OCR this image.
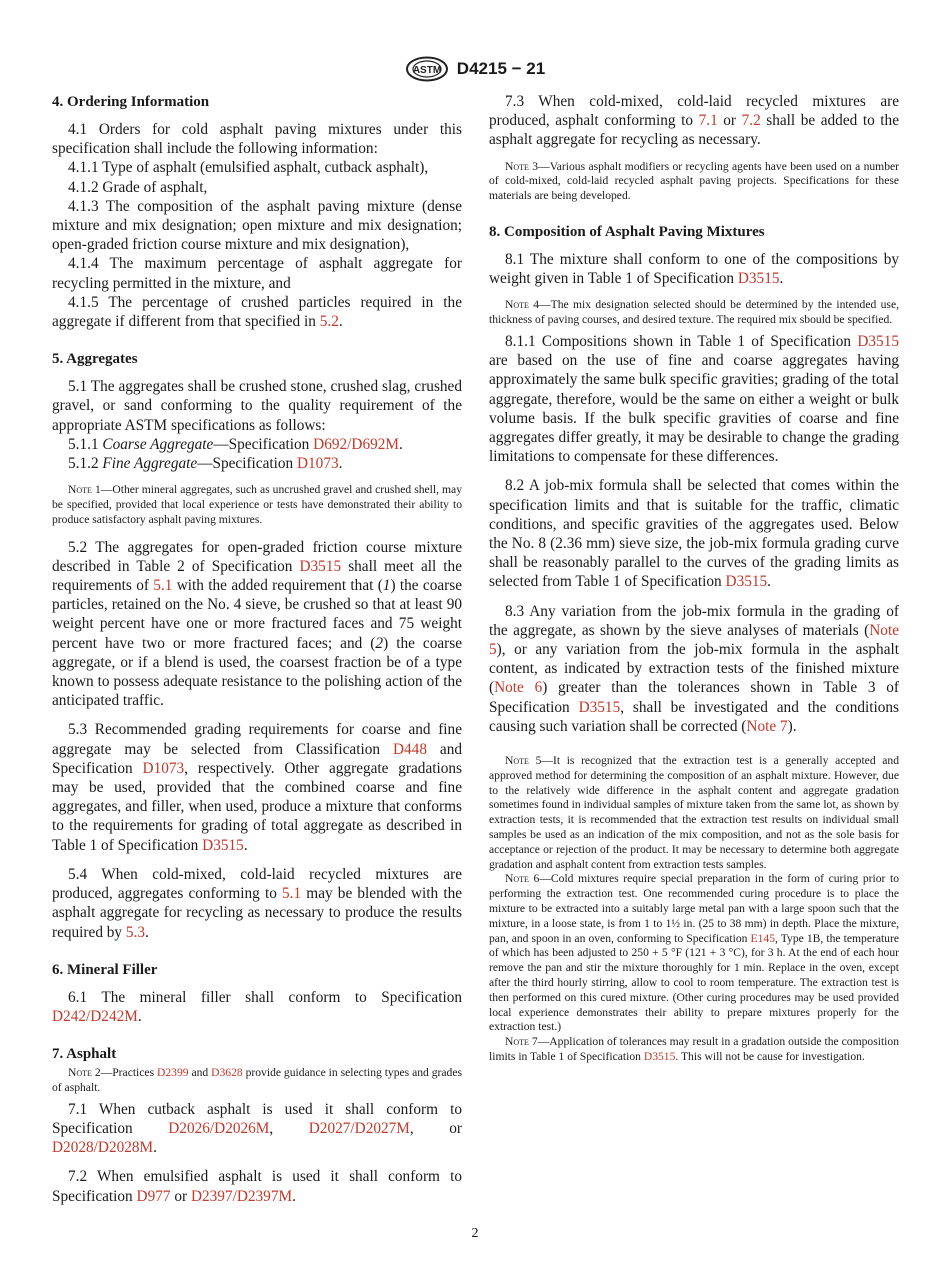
ASTM D4215 − 21
4. Ordering Information

4.1 Orders for cold asphalt paving mixtures under this specification shall include the following information:

4.1.1 Type of asphalt (emulsified asphalt, cutback asphalt),

4.1.2 Grade of asphalt,

4.1.3 The composition of the asphalt paving mixture (dense mixture and mix designation; open mixture and mix designation; open-graded friction course mixture and mix designation),

4.1.4 The maximum percentage of asphalt aggregate for recycling permitted in the mixture, and

4.1.5 The percentage of crushed particles required in the aggregate if different from that specified in 5.2.

5. Aggregates

5.1 The aggregates shall be crushed stone, crushed slag, crushed gravel, or sand conforming to the quality requirement of the appropriate ASTM specifications as follows:

5.1.1 Coarse Aggregate—Specification D692/D692M.

5.1.2 Fine Aggregate—Specification D1073.

Note 1—Other mineral aggregates, such as uncrushed gravel and crushed shell, may be specified, provided that local experience or tests have demonstrated their ability to produce satisfactory asphalt paving mixtures.

5.2 The aggregates for open-graded friction course mixture described in Table 2 of Specification D3515 shall meet all the requirements of 5.1 with the added requirement that (1) the coarse particles, retained on the No. 4 sieve, be crushed so that at least 90 weight percent have one or more fractured faces and 75 weight percent have two or more fractured faces; and (2) the coarse aggregate, or if a blend is used, the coarsest fraction be of a type known to possess adequate resistance to the polishing action of the anticipated traffic.

5.3 Recommended grading requirements for coarse and fine aggregate may be selected from Classification D448 and Specification D1073, respectively. Other aggregate gradations may be used, provided that the combined coarse and fine aggregates, and filler, when used, produce a mixture that conforms to the requirements for grading of total aggregate as described in Table 1 of Specification D3515.

5.4 When cold-mixed, cold-laid recycled mixtures are produced, aggregates conforming to 5.1 may be blended with the asphalt aggregate for recycling as necessary to produce the results required by 5.3.

6. Mineral Filler

6.1 The mineral filler shall conform to Specification D242/D242M.

7. Asphalt

Note 2—Practices D2399 and D3628 provide guidance in selecting types and grades of asphalt.

7.1 When cutback asphalt is used it shall conform to Specification D2026/D2026M, D2027/D2027M, or D2028/D2028M.

7.2 When emulsified asphalt is used it shall conform to Specification D977 or D2397/D2397M.

7.3 When cold-mixed, cold-laid recycled mixtures are produced, asphalt conforming to 7.1 or 7.2 shall be added to the asphalt aggregate for recycling as necessary.

Note 3—Various asphalt modifiers or recycling agents have been used on a number of cold-mixed, cold-laid recycled asphalt paving projects. Specifications for these materials are being developed.

8. Composition of Asphalt Paving Mixtures

8.1 The mixture shall conform to one of the compositions by weight given in Table 1 of Specification D3515.

Note 4—The mix designation selected should be determined by the intended use, thickness of paving courses, and desired texture. The required mix sbould be specified.

8.1.1 Compositions shown in Table 1 of Specification D3515 are based on the use of fine and coarse aggregates having approximately the same bulk specific gravities; grading of the total aggregate, therefore, would be the same on either a weight or bulk volume basis. If the bulk specific gravities of coarse and fine aggregates differ greatly, it may be desirable to change the grading limitations to compensate for these differences.

8.2 A job-mix formula shall be selected that comes within the specification limits and that is suitable for the traffic, climatic conditions, and specific gravities of the aggregates used. Below the No. 8 (2.36 mm) sieve size, the job-mix formula grading curve shall be reasonably parallel to the curves of the grading limits as selected from Table 1 of Specification D3515.

8.3 Any variation from the job-mix formula in the grading of the aggregate, as shown by the sieve analyses of materials (Note 5), or any variation from the job-mix formula in the asphalt content, as indicated by extraction tests of the finished mixture (Note 6) greater than the tolerances shown in Table 3 of Specification D3515, shall be investigated and the conditions causing such variation shall be corrected (Note 7).

Note 5—It is recognized that the extraction test is a generally accepted and approved method for determining the composition of an asphalt mixture. However, due to the relatively wide difference in the asphalt content and aggregate gradation sometimes found in individual samples of mixture taken from the same lot, as shown by extraction tests, it is recommended that the extraction test results on individual small samples be used as an indication of the mix composition, and not as the sole basis for acceptance or rejection of the product. It may be necessary to determine both aggregate gradation and asphalt content from extraction tests samples.

Note 6—Cold mixtures require special preparation in the form of curing prior to performing the extraction test. One recommended curing procedure is to place the mixture to be extracted into a suitably large metal pan with a large spoon such that the mixture, in a loose state, is from 1 to 1½ in. (25 to 38 mm) in depth. Place the mixture, pan, and spoon in an oven, conforming to Specification E145, Type 1B, the temperature of which has been adjusted to 250 + 5 °F (121 + 3 °C), for 3 h. At the end of each hour remove the pan and stir the mixture thoroughly for 1 min. Replace in the oven, except after the third hourly stirring, allow to cool to room temperature. The extraction test is then performed on this cured mixture. (Other curing procedures may be used provided local experience demonstrates their ability to prepare mixtures properly for the extraction test.)

Note 7—Application of tolerances may result in a gradation outside the composition limits in Table 1 of Specification D3515. This will not be cause for investigation.

2
